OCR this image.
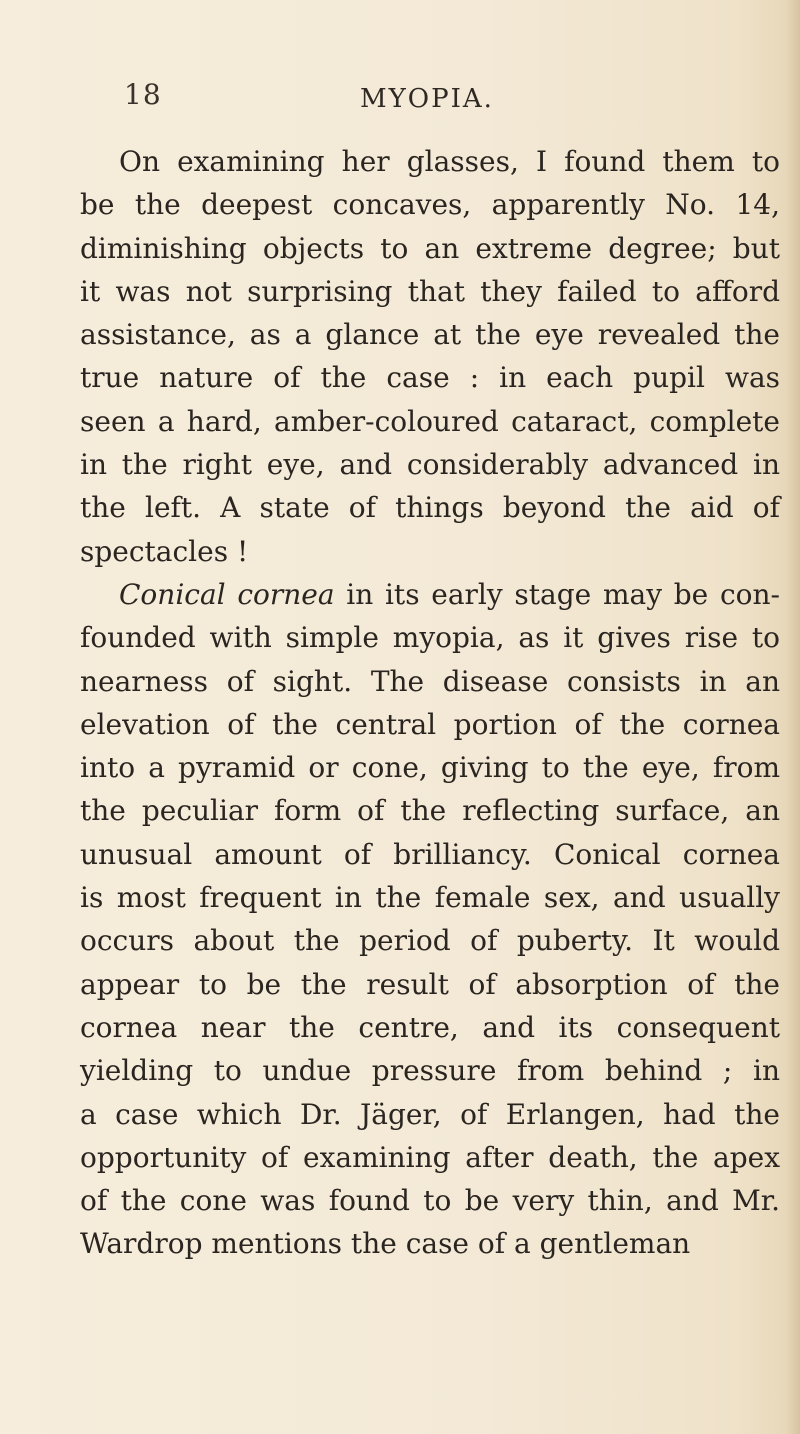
18	MYOPIA.
On examining her glasses, I found them to
be the deepest concaves, apparently No. 14,
diminishing objects to an extreme degree; but
it was not surprising that they failed to afford
assistance, as a glance at the eye revealed the
true nature of the case : in each pupil was
seen a hard, amber-coloured cataract, complete
in the right eye, and considerably advanced in
the left. A state of things beyond the aid of
spectacles !
Conical cornea in its early stage may be con-
founded with simple myopia, as it gives rise to
nearness of sight. The disease consists in an
elevation of the central portion of the cornea
into a pyramid or cone, giving to the eye, from
the peculiar form of the reflecting surface, an
unusual amount of brilliancy. Conical cornea
is most frequent in the female sex, and usually
occurs about the period of puberty. It would
appear to be the result of absorption of the
cornea near the centre, and its consequent
yielding to undue pressure from behind ; in
a case which Dr. Jäger, of Erlangen, had the
opportunity of examining after death, the apex
of the cone was found to be very thin, and Mr.
Wardrop mentions the case of a gentleman
